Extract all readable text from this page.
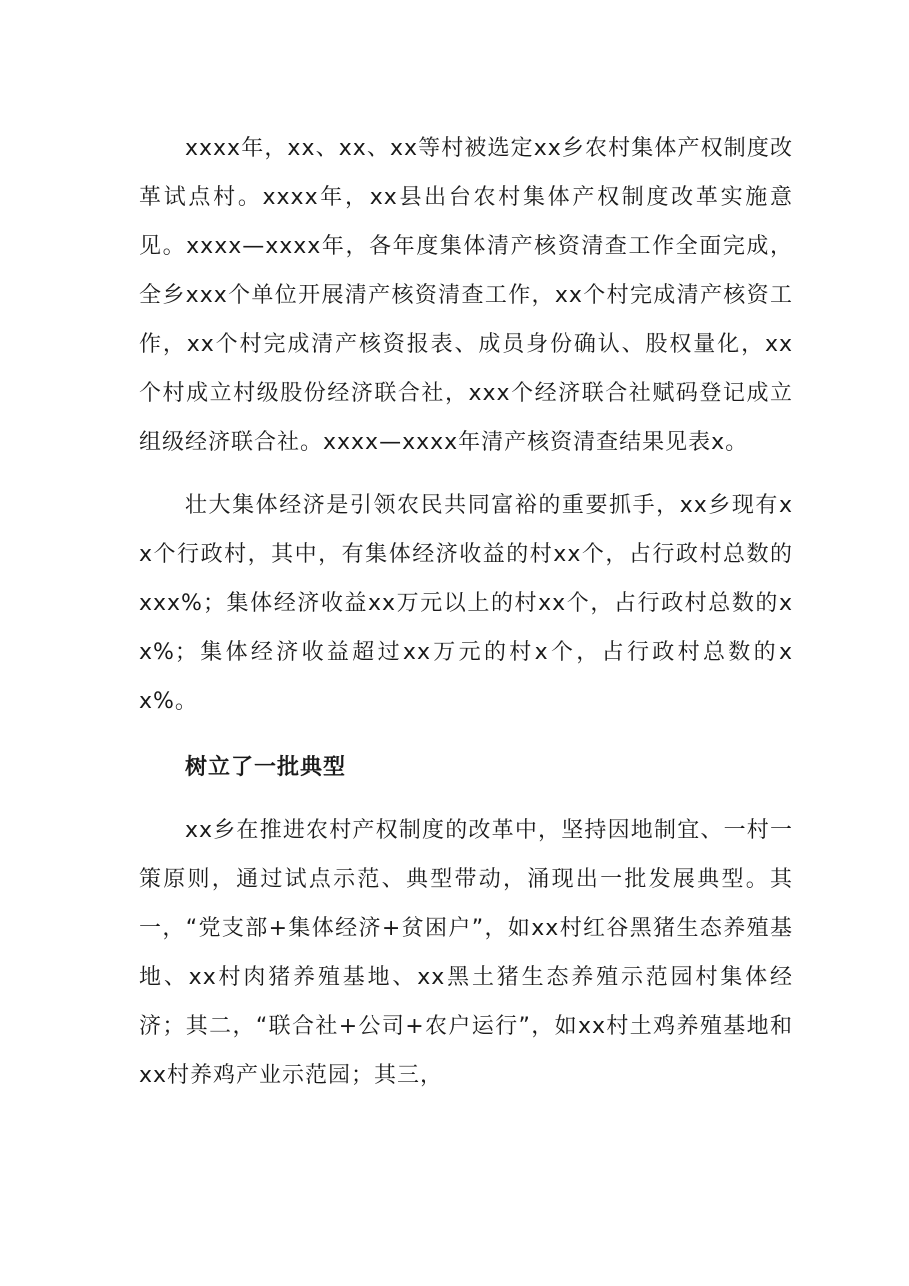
xxxx年，xx、xx、xx等村被选定xx乡农村集体产权制度改革试点村。xxxx年，xx县出台农村集体产权制度改革实施意见。xxxx—xxxx年，各年度集体清产核资清查工作全面完成，全乡xxx个单位开展清产核资清查工作，xx个村完成清产核资工作，xx个村完成清产核资报表、成员身份确认、股权量化，xx个村成立村级股份经济联合社，xxx个经济联合社赋码登记成立组级经济联合社。xxxx—xxxx年清产核资清查结果见表x。

壮大集体经济是引领农民共同富裕的重要抓手，xx乡现有xx个行政村，其中，有集体经济收益的村xx个，占行政村总数的xxx%；集体经济收益xx万元以上的村xx个，占行政村总数的xx%；集体经济收益超过xx万元的村x个，占行政村总数的xx%。

树立了一批典型

xx乡在推进农村产权制度的改革中，坚持因地制宜、一村一策原则，通过试点示范、典型带动，涌现出一批发展典型。其一，“党支部+集体经济+贫困户”，如xx村红谷黑猪生态养殖基地、xx村肉猪养殖基地、xx黑土猪生态养殖示范园村集体经济；其二，“联合社+公司+农户运行”，如xx村土鸡养殖基地和xx村养鸡产业示范园；其三，
